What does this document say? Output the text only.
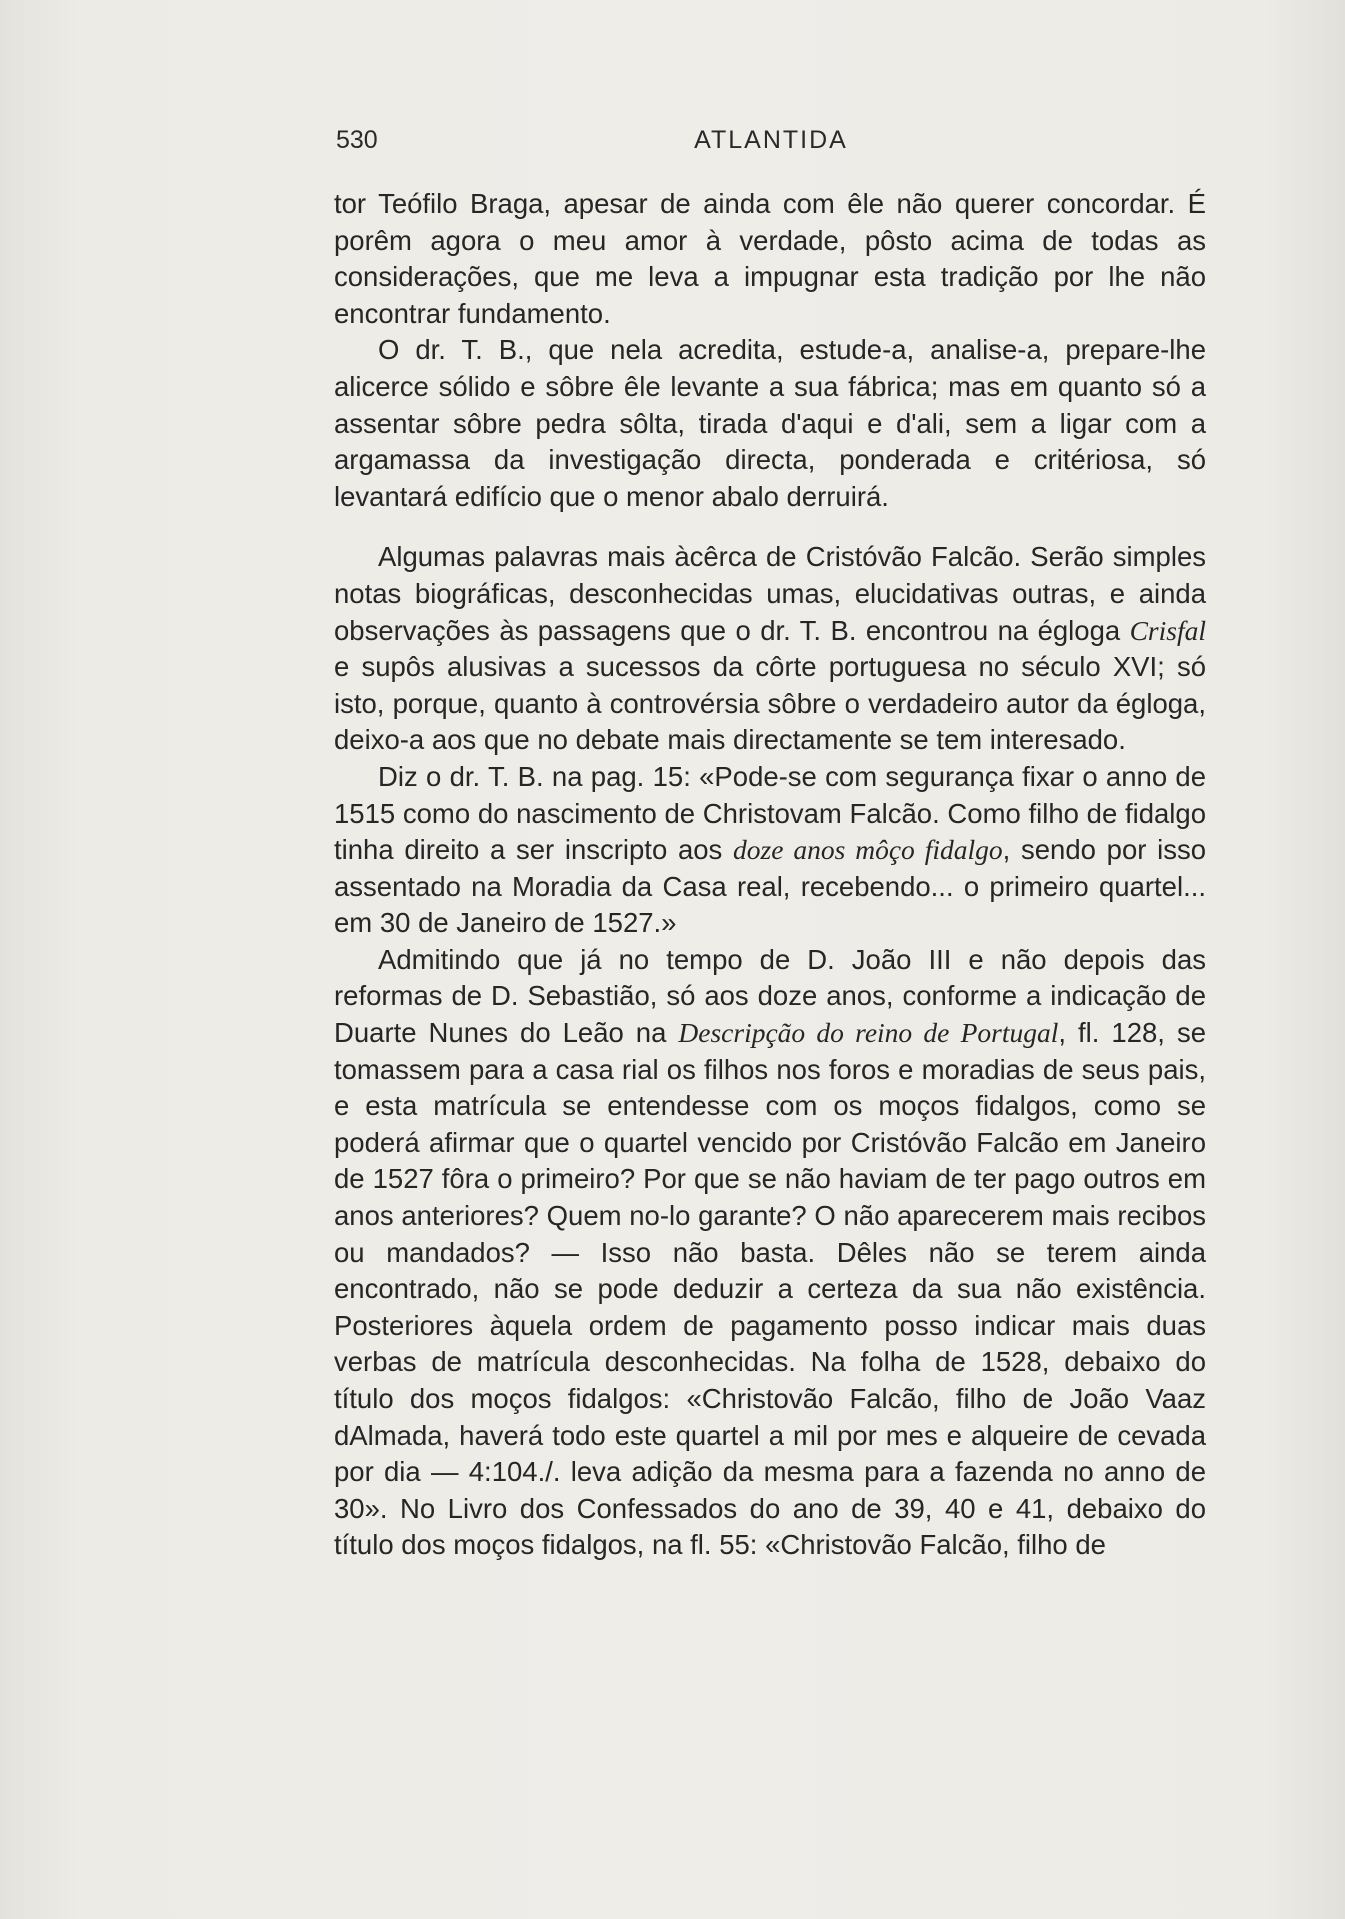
530	ATLANTIDA

tor Teófilo Braga, apesar de ainda com êle não querer concordar. É porêm agora o meu amor à verdade, pôsto acima de todas as considerações, que me leva a impugnar esta tradição por lhe não encontrar fundamento.

O dr. T. B., que nela acredita, estude-a, analise-a, prepare-lhe alicerce sólido e sôbre êle levante a sua fábrica; mas em quanto só a assentar sôbre pedra sôlta, tirada d'aqui e d'ali, sem a ligar com a argamassa da investigação directa, ponderada e critériosa, só levantará edifício que o menor abalo derruirá.

Algumas palavras mais àcêrca de Cristóvão Falcão. Serão simples notas biográficas, desconhecidas umas, elucidativas outras, e ainda observações às passagens que o dr. T. B. encontrou na égloga Crisfal e supôs alusivas a sucessos da côrte portuguesa no século XVI; só isto, porque, quanto à controvérsia sôbre o verdadeiro autor da égloga, deixo-a aos que no debate mais directamente se tem interesado.

Diz o dr. T. B. na pag. 15: «Pode-se com segurança fixar o anno de 1515 como do nascimento de Christovam Falcão. Como filho de fidalgo tinha direito a ser inscripto aos doze anos môço fidalgo, sendo por isso assentado na Moradia da Casa real, recebendo... o primeiro quartel... em 30 de Janeiro de 1527.»

Admitindo que já no tempo de D. João III e não depois das reformas de D. Sebastião, só aos doze anos, conforme a indicação de Duarte Nunes do Leão na Descripção do reino de Portugal, fl. 128, se tomassem para a casa rial os filhos nos foros e moradias de seus pais, e esta matrícula se entendesse com os moços fidalgos, como se poderá afirmar que o quartel vencido por Cristóvão Falcão em Janeiro de 1527 fôra o primeiro? Por que se não haviam de ter pago outros em anos anteriores? Quem no-lo garante? O não aparecerem mais recibos ou mandados? — Isso não basta. Dêles não se terem ainda encontrado, não se pode deduzir a certeza da sua não existência. Posteriores àquela ordem de pagamento posso indicar mais duas verbas de matrícula desconhecidas. Na folha de 1528, debaixo do título dos moços fidalgos: «Christovão Falcão, filho de João Vaaz dAlmada, haverá todo este quartel a mil por mes e alqueire de cevada por dia — 4:104./. leva adição da mesma para a fazenda no anno de 30». No Livro dos Confessados do ano de 39, 40 e 41, debaixo do título dos moços fidalgos, na fl. 55: «Christovão Falcão, filho de
